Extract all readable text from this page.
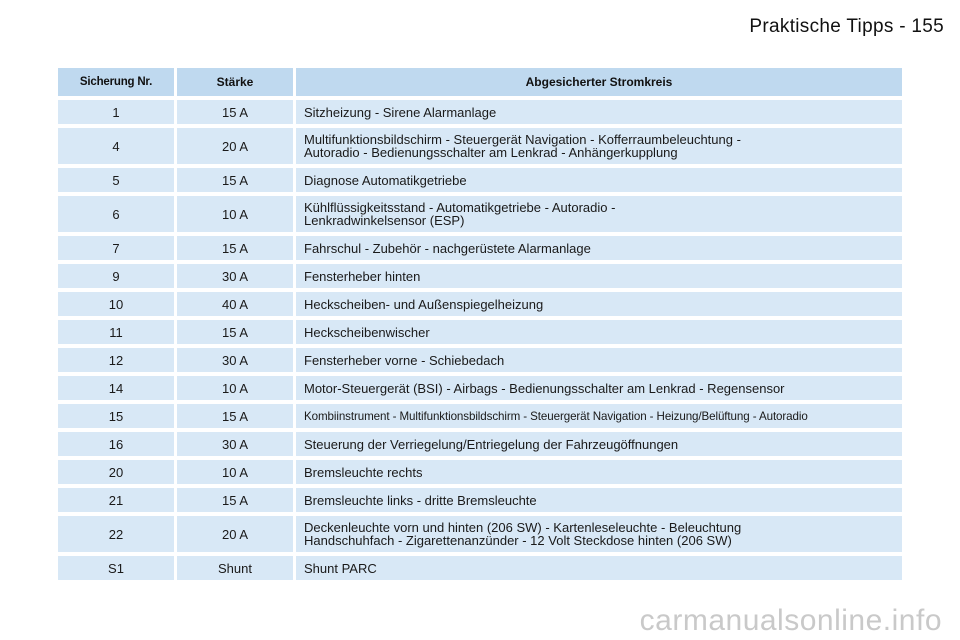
Praktische Tipps - 155
Sicherung Nr.	Stärke	Abgesicherter Stromkreis
1	15 A	Sitzheizung - Sirene Alarmanlage

4	20 A	Multifunktionsbildschirm - Steuergerät Navigation - Kofferraumbeleuchtung -
Autoradio - Bedienungsschalter am Lenkrad - Anhängerkupplung

5	15 A	Diagnose Automatikgetriebe

6	10 A	Kühlflüssigkeitsstand - Automatikgetriebe - Autoradio -
Lenkradwinkelsensor (ESP)

7	15 A	Fahrschul - Zubehör - nachgerüstete Alarmanlage

9	30 A	Fensterheber hinten

10	40 A	Heckscheiben- und Außenspiegelheizung

11	15 A	Heckscheibenwischer

12	30 A	Fensterheber vorne - Schiebedach

14	10 A	Motor-Steuergerät (BSI) - Airbags - Bedienungsschalter am Lenkrad - Regensensor

15	15 A	Kombiinstrument - Multifunktionsbildschirm - Steuergerät Navigation - Heizung/Belüftung - Autoradio

16	30 A	Steuerung der Verriegelung/Entriegelung der Fahrzeugöffnungen

20	10 A	Bremsleuchte rechts

21	15 A	Bremsleuchte links - dritte Bremsleuchte

22	20 A	Deckenleuchte vorn und hinten (206 SW) - Kartenleseleuchte - Beleuchtung
Handschuhfach - Zigarettenanzünder - 12 Volt Steckdose hinten (206 SW)

S1	Shunt	Shunt PARC
carmanualsonline.info
